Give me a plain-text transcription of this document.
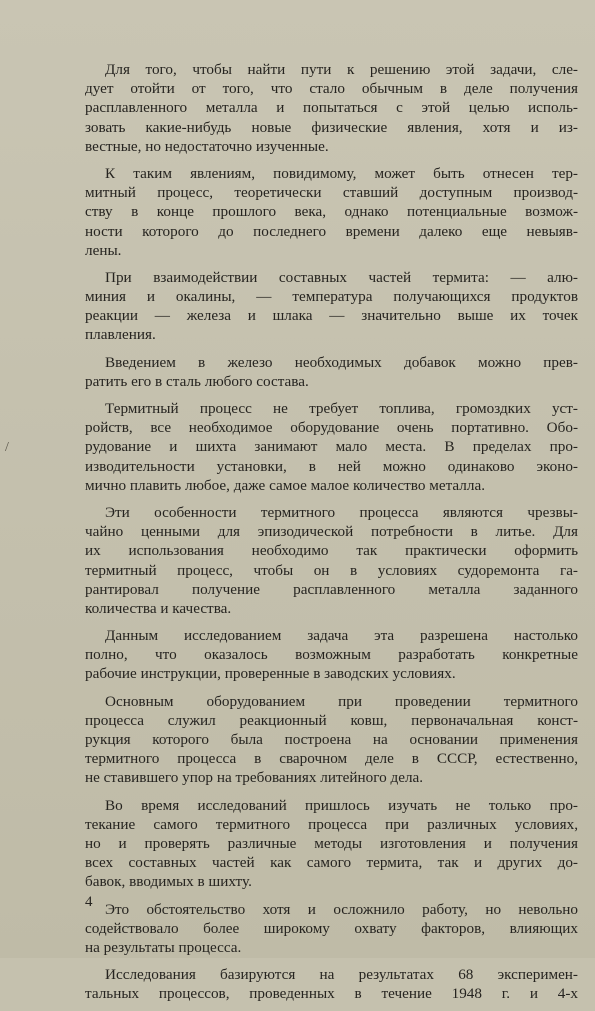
Для того, чтобы найти пути к решению этой задачи, сле-
дует отойти от того, что стало обычным в деле получения
расплавленного металла и попытаться с этой целью исполь-
зовать какие-нибудь новые физические явления, хотя и из-
вестные, но недостаточно изученные.
К таким явлениям, повидимому, может быть отнесен тер-
митный процесс, теоретически ставший доступным производ-
ству в конце прошлого века, однако потенциальные возмож-
ности которого до последнего времени далеко еще невыяв-
лены.
При взаимодействии составных частей термита: — алю-
миния и окалины, — температура получающихся продуктов
реакции — железа и шлака — значительно выше их точек
плавления.
Введением в железо необходимых добавок можно прев-
ратить его в сталь любого состава.
Термитный процесс не требует топлива, громоздких уст-
ройств, все необходимое оборудование очень портативно. Обо-
рудование и шихта занимают мало места. В пределах про-
изводительности установки, в ней можно одинаково эконо-
мично плавить любое, даже самое малое количество металла.
Эти особенности термитного процесса являются чрезвы-
чайно ценными для эпизодической потребности в литье. Для
их использования необходимо так практически оформить
термитный процесс, чтобы он в условиях судоремонта га-
рантировал получение расплавленного металла заданного
количества и качества.
Данным исследованием задача эта разрешена настолько
полно, что оказалось возможным разработать конкретные
рабочие инструкции, проверенные в заводских условиях.
Основным оборудованием при проведении термитного
процесса служил реакционный ковш, первоначальная конст-
рукция которого была построена на основании применения
термитного процесса в сварочном деле в СССР, естественно,
не ставившего упор на требованиях литейного дела.
Во время исследований пришлось изучать не только про-
текание самого термитного процесса при различных условиях,
но и проверять различные методы изготовления и получения
всех составных частей как самого термита, так и других до-
бавок, вводимых в шихту.
Это обстоятельство хотя и осложнило работу, но невольно
содействовало более широкому охвату факторов, влияющих
на результаты процесса.
Исследования базируются на результатах 68 эксперимен-
тальных процессов, проведенных в течение 1948 г. и 4-х
/
4
